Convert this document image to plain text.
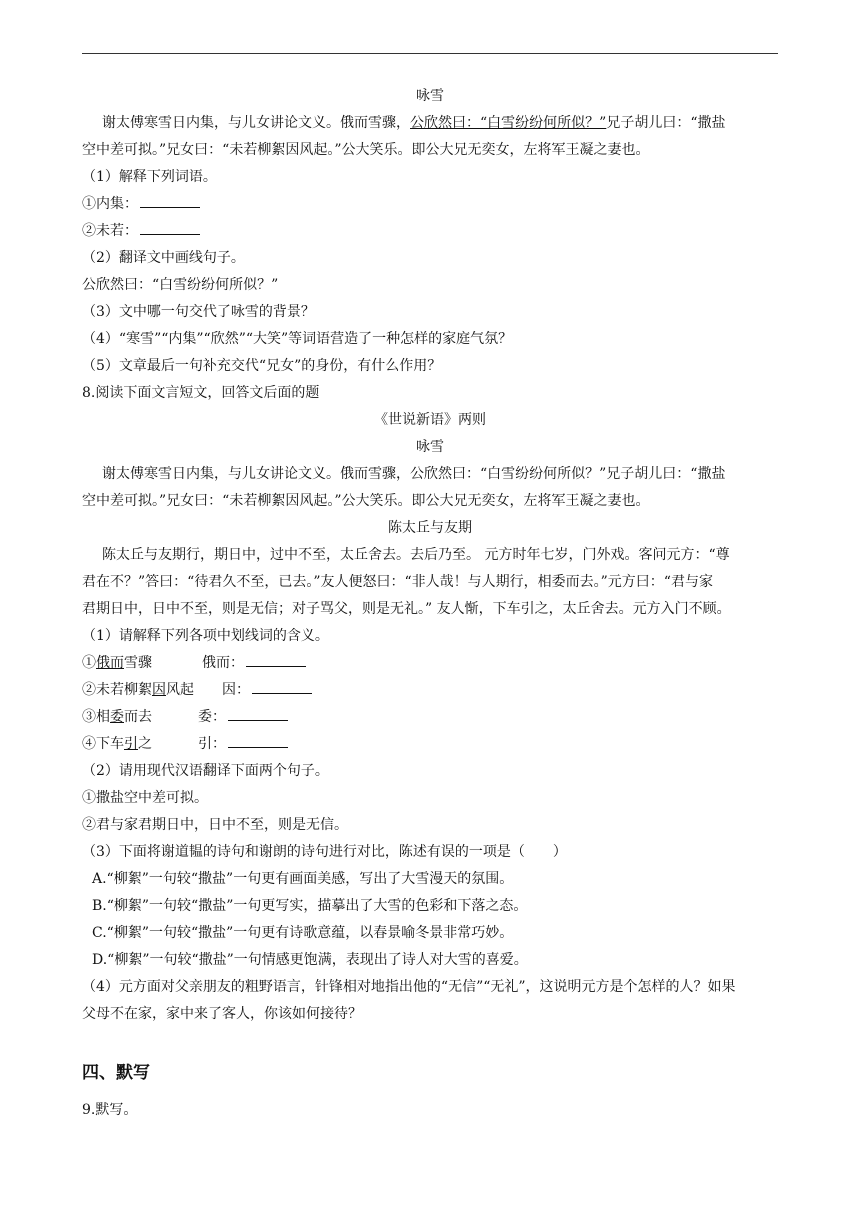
咏雪
谢太傅寒雪日内集，与儿女讲论文义。俄而雪骤，公欣然曰：“白雪纷纷何所似？”兄子胡儿曰：“撒盐
空中差可拟。”兄女曰：“未若柳絮因风起。”公大笑乐。即公大兄无奕女，左将军王凝之妻也。
（1）解释下列词语。
①内集：
②未若：
（2）翻译文中画线句子。
公欣然曰：“白雪纷纷何所似？”
（3）文中哪一句交代了咏雪的背景？
（4）“寒雪”“内集”“欣然”“大笑”等词语营造了一种怎样的家庭气氛？
（5）文章最后一句补充交代“兄女”的身份，有什么作用？
8.阅读下面文言短文，回答文后面的题
《世说新语》两则
咏雪
谢太傅寒雪日内集，与儿女讲论文义。俄而雪骤，公欣然曰：“白雪纷纷何所似？”兄子胡儿曰：“撒盐
空中差可拟。”兄女曰：“未若柳絮因风起。”公大笑乐。即公大兄无奕女，左将军王凝之妻也。
陈太丘与友期
陈太丘与友期行，期日中，过中不至，太丘舍去。去后乃至。 元方时年七岁，门外戏。客问元方：“尊
君在不？”答曰：“待君久不至，已去。”友人便怒曰：“非人哉！与人期行，相委而去。”元方曰：“君与家
君期日中，日中不至，则是无信；对子骂父，则是无礼。” 友人惭，下车引之，太丘舍去。元方入门不顾。
（1）请解释下列各项中划线词的含义。
①俄而雪骤	俄而：
②未若柳絮因风起 因：
③相委而去	委：
④下车引之	引：
（2）请用现代汉语翻译下面两个句子。
①撒盐空中差可拟。
②君与家君期日中，日中不至，则是无信。
（3）下面将谢道韫的诗句和谢朗的诗句进行对比，陈述有误的一项是（　　）
A.“柳絮”一句较“撒盐”一句更有画面美感，写出了大雪漫天的氛围。
B.“柳絮”一句较“撒盐”一句更写实，描摹出了大雪的色彩和下落之态。
C.“柳絮”一句较“撒盐”一句更有诗歌意蕴，以春景喻冬景非常巧妙。
D.“柳絮”一句较“撒盐”一句情感更饱满，表现出了诗人对大雪的喜爱。
（4）元方面对父亲朋友的粗野语言，针锋相对地指出他的“无信”“无礼”，这说明元方是个怎样的人？如果
父母不在家，家中来了客人，你该如何接待？
四、默写
9.默写。
